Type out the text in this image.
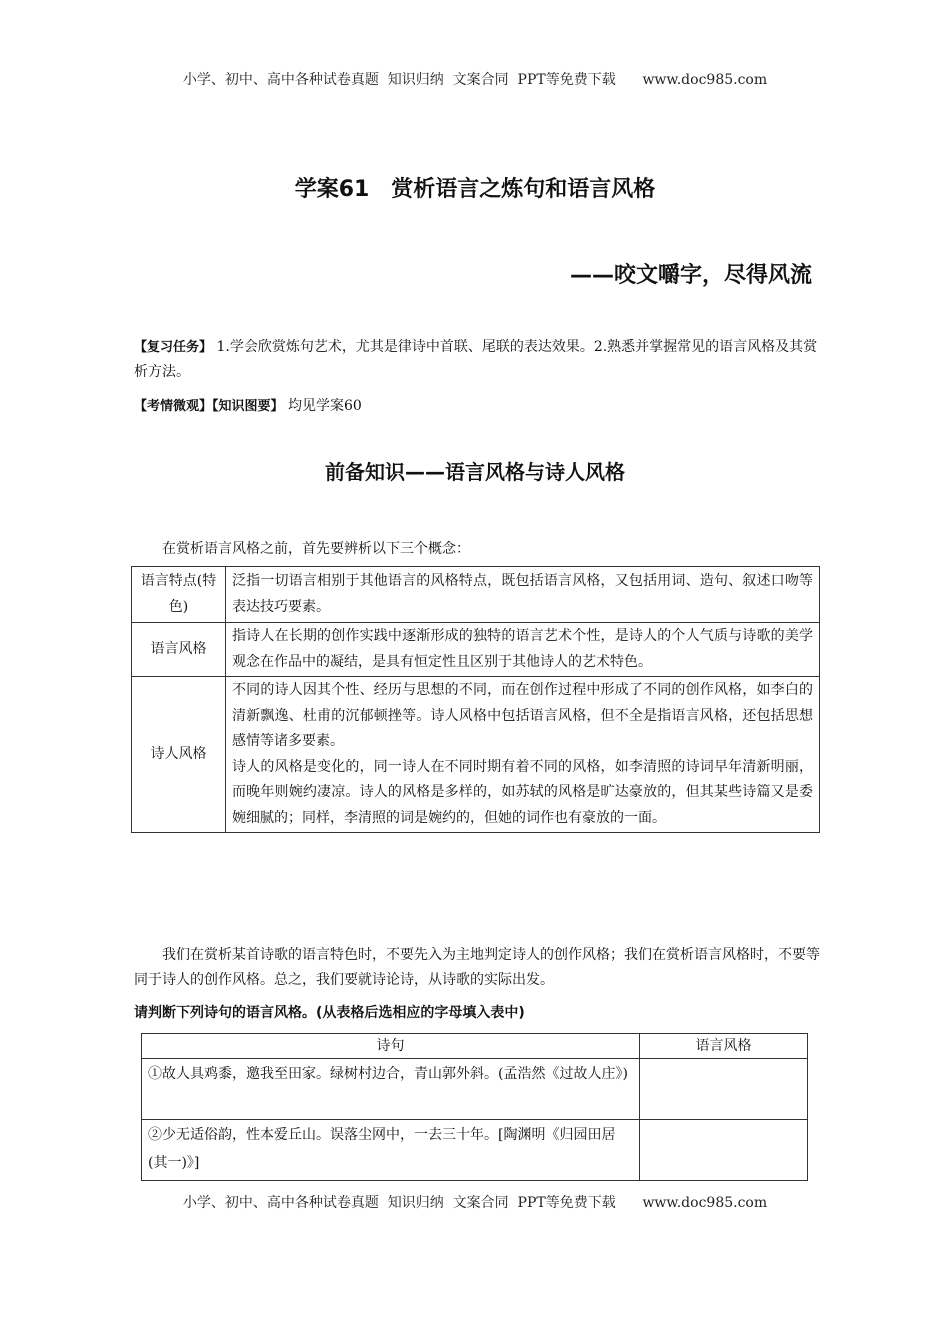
小学、初中、高中各种试卷真题  知识归纳  文案合同  PPT等免费下载      www.doc985.com
学案61　赏析语言之炼句和语言风格
——咬文嚼字，尽得风流
【复习任务】 1.学会欣赏炼句艺术，尤其是律诗中首联、尾联的表达效果。2.熟悉并掌握常见的语言风格及其赏析方法。
【考情微观】【知识图要】 均见学案60
前备知识——语言风格与诗人风格
在赏析语言风格之前，首先要辨析以下三个概念：
语言特点(特色)	泛指一切语言相别于其他语言的风格特点，既包括语言风格，又包括用词、造句、叙述口吻等表达技巧要素。
语言风格	指诗人在长期的创作实践中逐渐形成的独特的语言艺术个性，是诗人的个人气质与诗歌的美学观念在作品中的凝结，是具有恒定性且区别于其他诗人的艺术特色。
诗人风格	不同的诗人因其个性、经历与思想的不同，而在创作过程中形成了不同的创作风格，如李白的清新飘逸、杜甫的沉郁顿挫等。诗人风格中包括语言风格，但不全是指语言风格，还包括思想感情等诸多要素。
诗人的风格是变化的，同一诗人在不同时期有着不同的风格，如李清照的诗词早年清新明丽，而晚年则婉约凄凉。诗人的风格是多样的，如苏轼的风格是旷达豪放的，但其某些诗篇又是委婉细腻的；同样，李清照的词是婉约的，但她的词作也有豪放的一面。
我们在赏析某首诗歌的语言特色时，不要先入为主地判定诗人的创作风格；我们在赏析语言风格时，不要等同于诗人的创作风格。总之，我们要就诗论诗，从诗歌的实际出发。
请判断下列诗句的语言风格。(从表格后选相应的字母填入表中)
诗句	语言风格
①故人具鸡黍，邀我至田家。绿树村边合，青山郭外斜。(孟浩然《过故人庄》)	
②少无适俗韵，性本爱丘山。误落尘网中，一去三十年。[陶渊明《归园田居(其一)》]	
小学、初中、高中各种试卷真题  知识归纳  文案合同  PPT等免费下载      www.doc985.com
